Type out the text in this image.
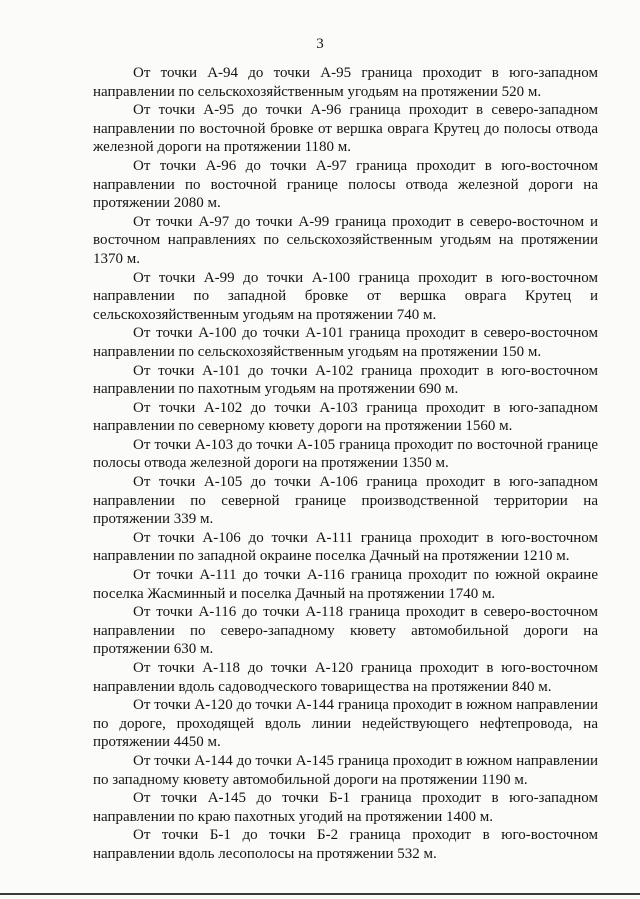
3

От точки А-94 до точки А-95 граница проходит в юго-западном направлении по сельскохозяйственным угодьям на протяжении 520 м.

От точки А-95 до точки А-96 граница проходит в северо-западном направлении по восточной бровке от вершка оврага Крутец до полосы отвода железной дороги на протяжении 1180 м.

От точки А-96 до точки А-97 граница проходит в юго-восточном направлении по восточной границе полосы отвода железной дороги на протяжении 2080 м.

От точки А-97 до точки А-99 граница проходит в северо-восточном и восточном направлениях по сельскохозяйственным угодьям на протяжении 1370 м.

От точки А-99 до точки А-100 граница проходит в юго-восточном направлении по западной бровке от вершка оврага Крутец и сельскохозяйственным угодьям на протяжении 740 м.

От точки А-100 до точки А-101 граница проходит в северо-восточном направлении по сельскохозяйственным угодьям на протяжении 150 м.

От точки А-101 до точки А-102 граница проходит в юго-восточном направлении по пахотным угодьям на протяжении 690 м.

От точки А-102 до точки А-103 граница проходит в юго-западном направлении по северному кювету дороги на протяжении 1560 м.

От точки А-103 до точки А-105 граница проходит по восточной границе полосы отвода железной дороги на протяжении 1350 м.

От точки А-105 до точки А-106 граница проходит в юго-западном направлении по северной границе производственной территории на протяжении 339 м.

От точки А-106 до точки А-111 граница проходит в юго-восточном направлении по западной окраине поселка Дачный на протяжении 1210 м.

От точки А-111 до точки А-116 граница проходит по южной окраине поселка Жасминный и поселка Дачный на протяжении 1740 м.

От точки А-116 до точки А-118 граница проходит в северо-восточном направлении по северо-западному кювету автомобильной дороги на протяжении 630 м.

От точки А-118 до точки А-120 граница проходит в юго-восточном направлении вдоль садоводческого товарищества на протяжении 840 м.

От точки А-120 до точки А-144 граница проходит в южном направлении по дороге, проходящей вдоль линии недействующего нефтепровода, на протяжении 4450 м.

От точки А-144 до точки А-145 граница проходит в южном направлении по западному кювету автомобильной дороги на протяжении 1190 м.

От точки А-145 до точки Б-1 граница проходит в юго-западном направлении по краю пахотных угодий на протяжении 1400 м.

От точки Б-1 до точки Б-2 граница проходит в юго-восточном направлении вдоль лесополосы на протяжении 532 м.
